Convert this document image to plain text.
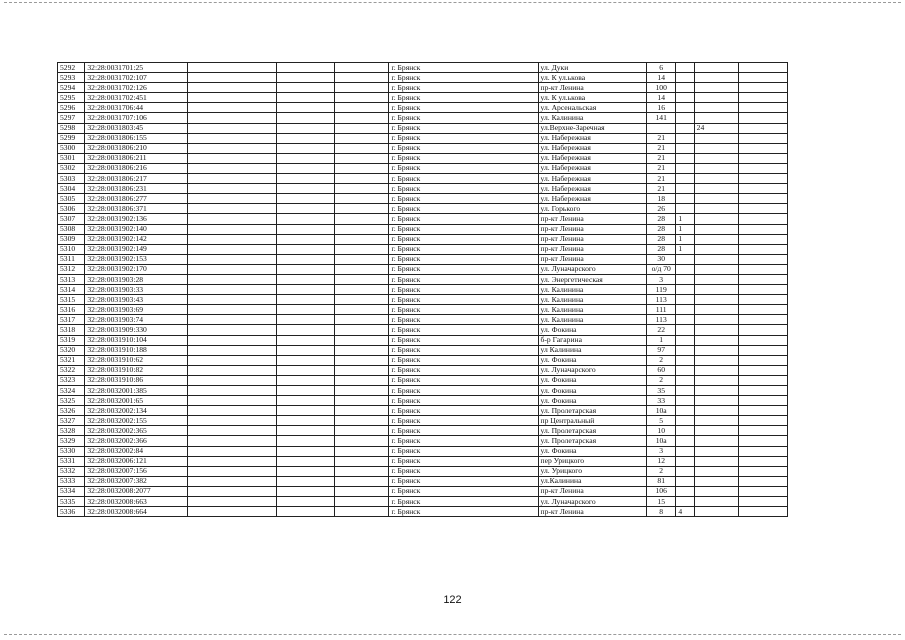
5292	32:28:0031701:25				г. Брянск	ул. Дуки	6			
5293	32:28:0031702:107				г. Брянск	ул. К ул.ькова	14			
5294	32:28:0031702:126				г. Брянск	пр-кт Ленина	100			
5295	32:28:0031702:451				г. Брянск	ул. К ул.ькова	14			
5296	32:28:0031706:44				г. Брянск	ул. Арсенальская	16			
5297	32:28:0031707:106				г. Брянск	ул. Калинина	141			
5298	32:28:0031803:45				г. Брянск	ул.Верхне-Заречная			24	
5299	32:28:0031806:155				г. Брянск	ул. Набережная	21			
5300	32:28:0031806:210				г. Брянск	ул. Набережная	21			
5301	32:28:0031806:211				г. Брянск	ул. Набережная	21			
5302	32:28:0031806:216				г. Брянск	ул. Набережная	21			
5303	32:28:0031806:217				г. Брянск	ул. Набережная	21			
5304	32:28:0031806:231				г. Брянск	ул. Набережная	21			
5305	32:28:0031806:277				г. Брянск	ул. Набережная	18			
5306	32:28:0031806:371				г. Брянск	ул. Горького	26			
5307	32:28:0031902:136				г. Брянск	пр-кт Ленина	28	1		
5308	32:28:0031902:140				г. Брянск	пр-кт Ленина	28	1		
5309	32:28:0031902:142				г. Брянск	пр-кт Ленина	28	1		
5310	32:28:0031902:149				г. Брянск	пр-кт Ленина	28	1		
5311	32:28:0031902:153				г. Брянск	пр-кт Ленина	30			
5312	32:28:0031902:170				г. Брянск	ул. Луначарского	о/д 70			
5313	32:28:0031903:28				г. Брянск	ул. Энергетическая	3			
5314	32:28:0031903:33				г. Брянск	ул. Калинина	119			
5315	32:28:0031903:43				г. Брянск	ул. Калинина	113			
5316	32:28:0031903:69				г. Брянск	ул. Калинина	111			
5317	32:28:0031903:74				г. Брянск	ул. Калинина	113			
5318	32:28:0031909:330				г. Брянск	ул. Фокина	22			
5319	32:28:0031910:104				г. Брянск	б-р Гагарина	1			
5320	32:28:0031910:188				г. Брянск	ул Калинина	97			
5321	32:28:0031910:62				г. Брянск	ул. Фокина	2			
5322	32:28:0031910:82				г. Брянск	ул. Луначарского	60			
5323	32:28:0031910:86				г. Брянск	ул. Фокина	2			
5324	32:28:0032001:385				г. Брянск	ул. Фокина	35			
5325	32:28:0032001:65				г. Брянск	ул. Фокина	33			
5326	32:28:0032002:134				г. Брянск	ул. Пролетарская	10а			
5327	32:28:0032002:155				г. Брянск	пр Центральный	5			
5328	32:28:0032002:365				г. Брянск	ул. Пролетарская	10			
5329	32:28:0032002:366				г. Брянск	ул. Пролетарская	10а			
5330	32:28:0032002:84				г. Брянск	ул. Фокина	3			
5331	32:28:0032006:121				г. Брянск	пер Урицкого	12			
5332	32:28:0032007:156				г. Брянск	ул. Урицкого	2			
5333	32:28:0032007:382				г. Брянск	ул.Калинина	81			
5334	32:28:0032008:2077				г. Брянск	пр-кт Ленина	106			
5335	32:28:0032008:663				г. Брянск	ул. Луначарского	15			
5336	32:28:0032008:664				г. Брянск	пр-кт Ленина	8	4		
122
